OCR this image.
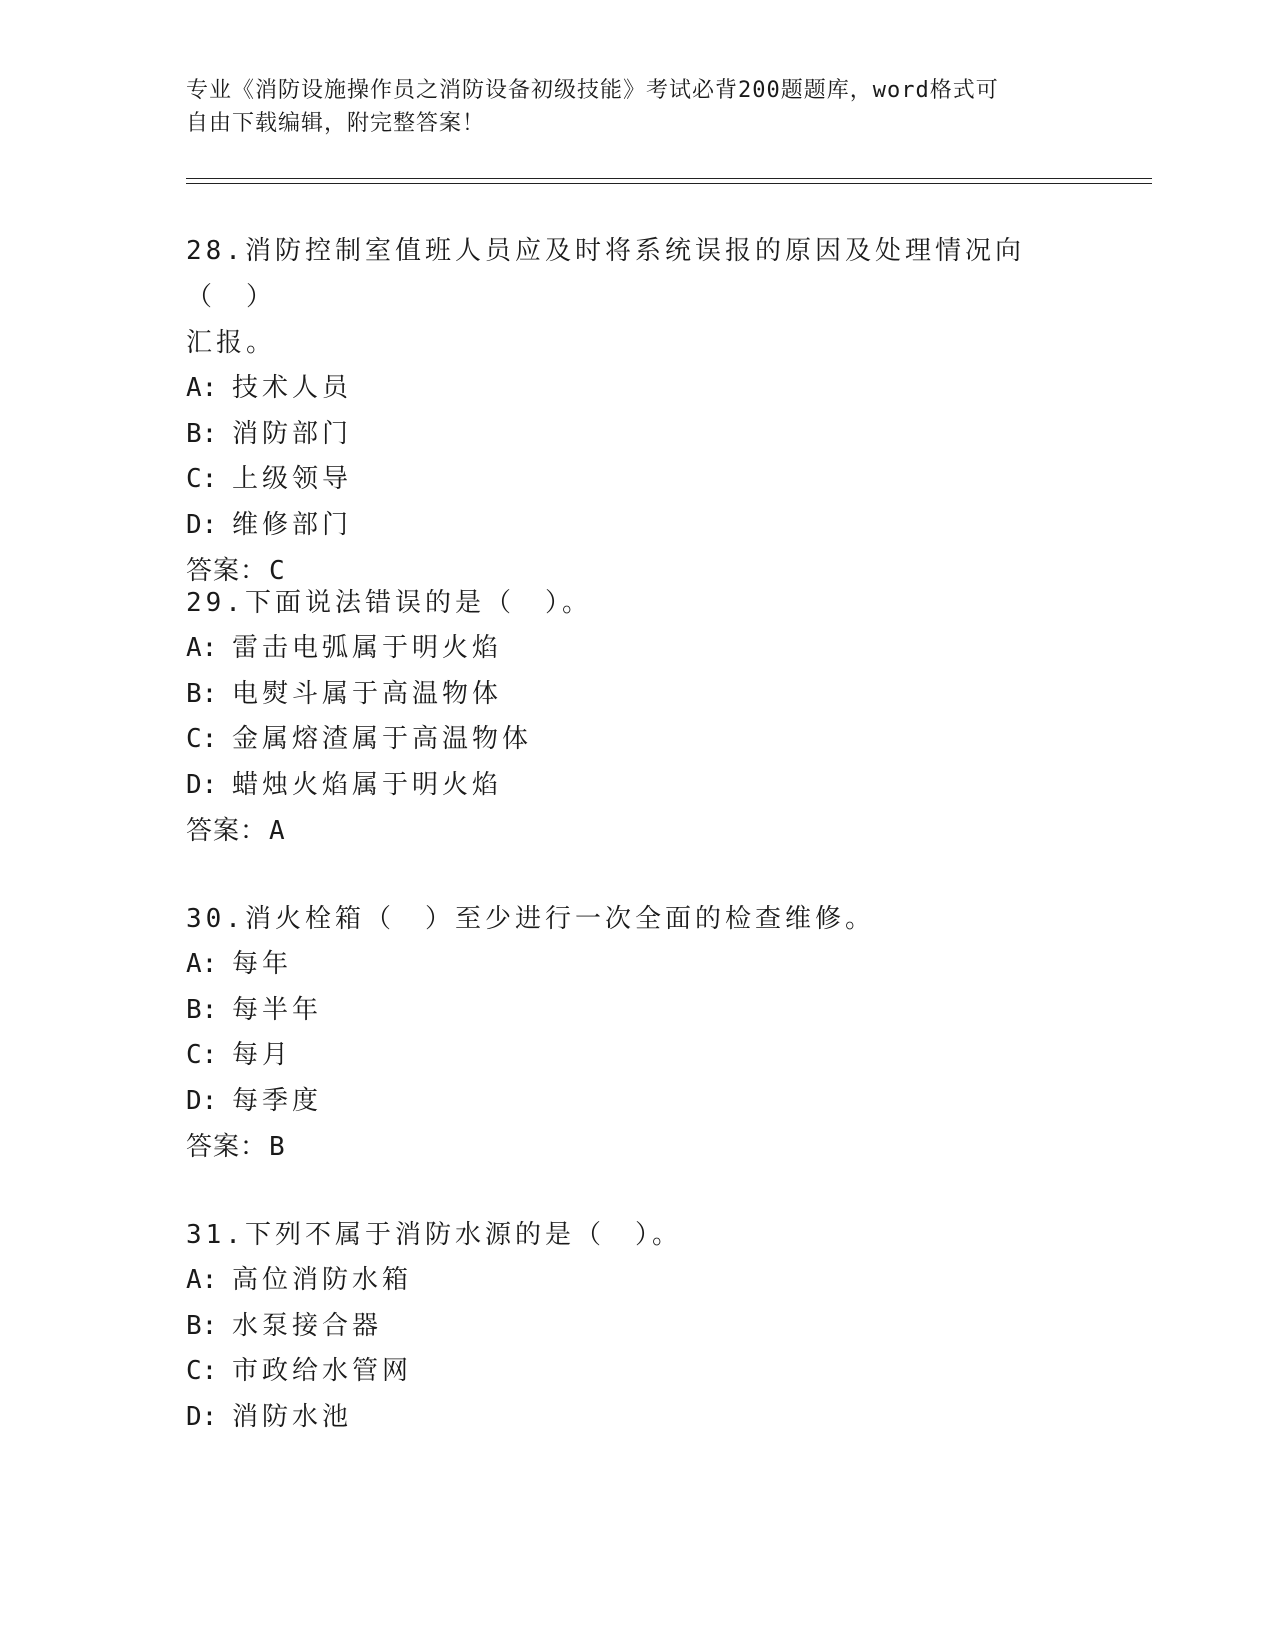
专业《消防设施操作员之消防设备初级技能》考试必背200题题库，word格式可
自由下载编辑，附完整答案！

28.消防控制室值班人员应及时将系统误报的原因及处理情况向（　）

汇报。

A: 技术人员

B: 消防部门

C: 上级领导

D: 维修部门

答案：C

29.下面说法错误的是（　）。

A: 雷击电弧属于明火焰

B: 电熨斗属于高温物体

C: 金属熔渣属于高温物体

D: 蜡烛火焰属于明火焰

答案：A

30.消火栓箱（　）至少进行一次全面的检查维修。

A: 每年

B: 每半年

C: 每月

D: 每季度

答案：B

31.下列不属于消防水源的是（　）。

A: 高位消防水箱

B: 水泵接合器

C: 市政给水管网

D: 消防水池
